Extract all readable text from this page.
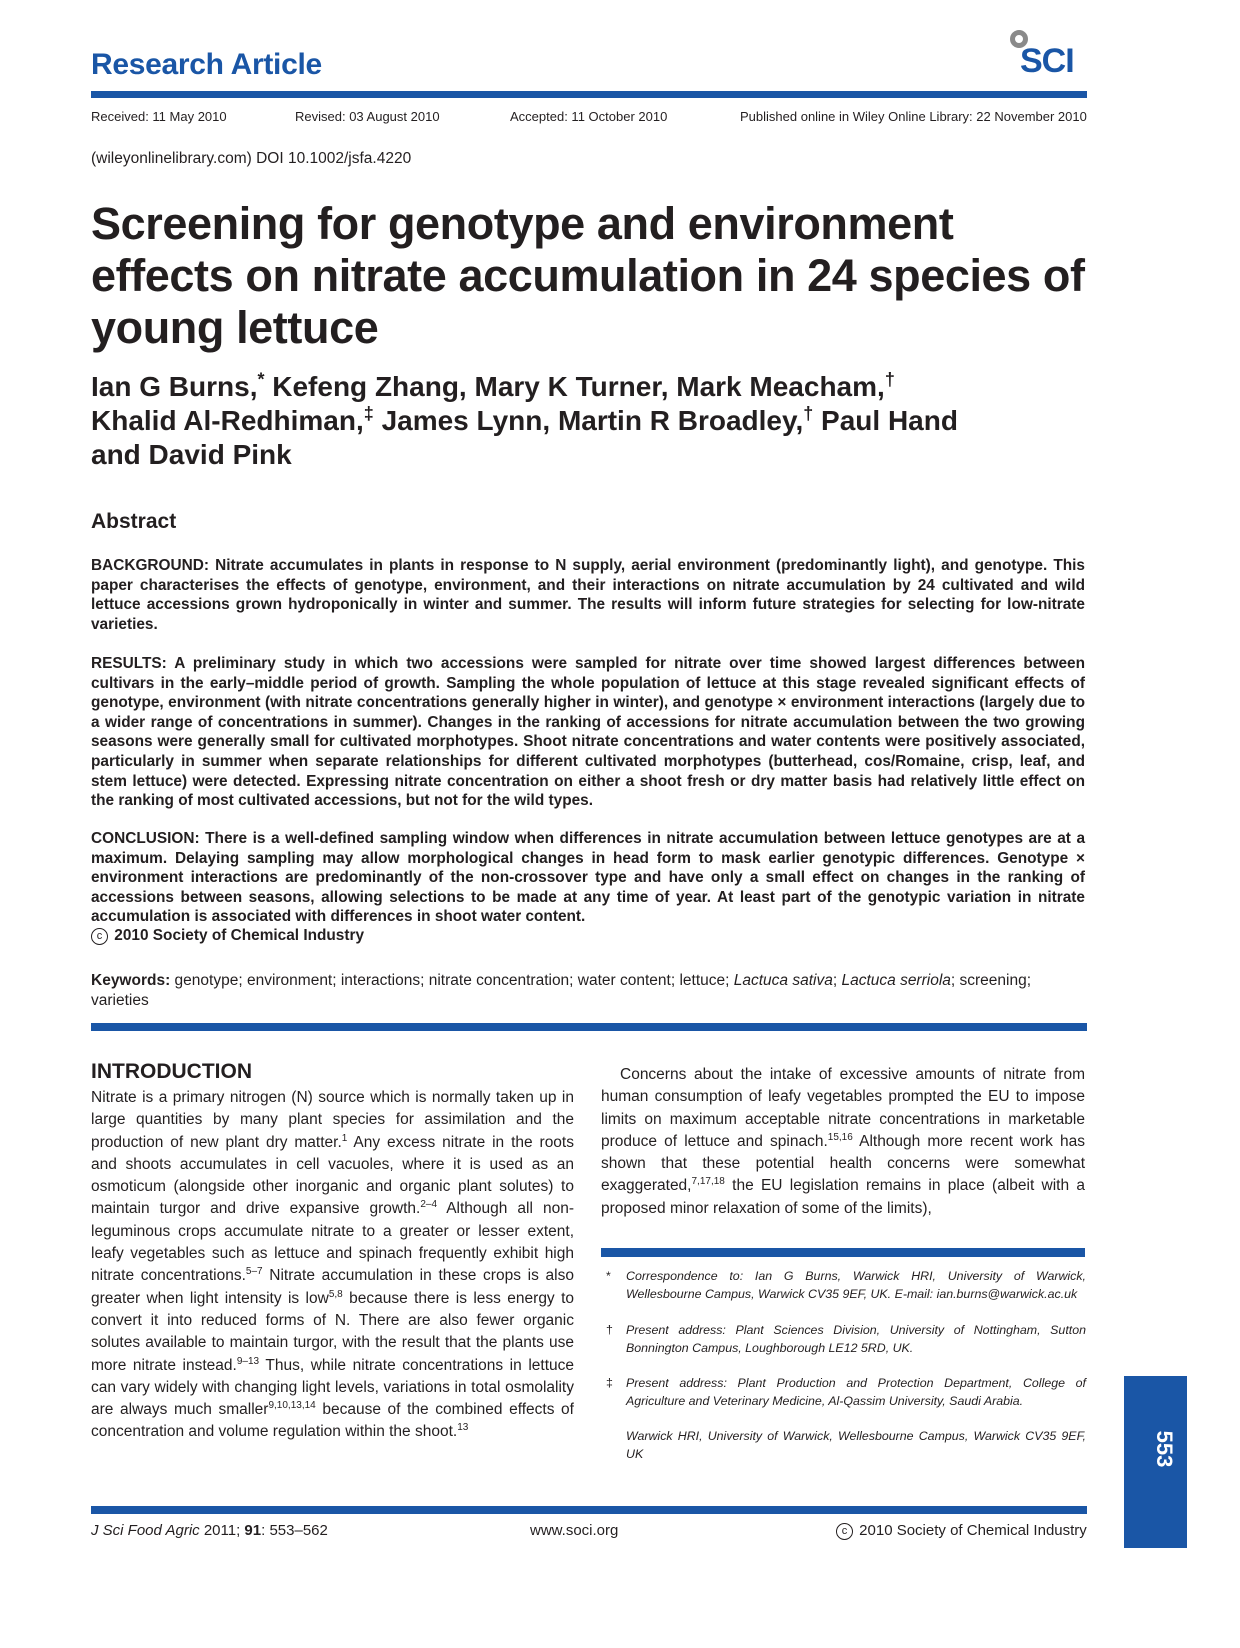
Research Article	SCI
Received: 11 May 2010	Revised: 03 August 2010	Accepted: 11 October 2010	Published online in Wiley Online Library: 22 November 2010
(wileyonlinelibrary.com) DOI 10.1002/jsfa.4220
Screening for genotype and environment effects on nitrate accumulation in 24 species of young lettuce
Ian G Burns,* Kefeng Zhang, Mary K Turner, Mark Meacham,†
Khalid Al-Redhiman,‡ James Lynn, Martin R Broadley,† Paul Hand
and David Pink
Abstract
BACKGROUND: Nitrate accumulates in plants in response to N supply, aerial environment (predominantly light), and genotype. This paper characterises the effects of genotype, environment, and their interactions on nitrate accumulation by 24 cultivated and wild lettuce accessions grown hydroponically in winter and summer. The results will inform future strategies for selecting for low-nitrate varieties.
RESULTS: A preliminary study in which two accessions were sampled for nitrate over time showed largest differences between cultivars in the early–middle period of growth. Sampling the whole population of lettuce at this stage revealed significant effects of genotype, environment (with nitrate concentrations generally higher in winter), and genotype × environment interactions (largely due to a wider range of concentrations in summer). Changes in the ranking of accessions for nitrate accumulation between the two growing seasons were generally small for cultivated morphotypes. Shoot nitrate concentrations and water contents were positively associated, particularly in summer when separate relationships for different cultivated morphotypes (butterhead, cos/Romaine, crisp, leaf, and stem lettuce) were detected. Expressing nitrate concentration on either a shoot fresh or dry matter basis had relatively little effect on the ranking of most cultivated accessions, but not for the wild types.
CONCLUSION: There is a well-defined sampling window when differences in nitrate accumulation between lettuce genotypes are at a maximum. Delaying sampling may allow morphological changes in head form to mask earlier genotypic differences. Genotype × environment interactions are predominantly of the non-crossover type and have only a small effect on changes in the ranking of accessions between seasons, allowing selections to be made at any time of year. At least part of the genotypic variation in nitrate accumulation is associated with differences in shoot water content.
c 2010 Society of Chemical Industry
Keywords: genotype; environment; interactions; nitrate concentration; water content; lettuce; Lactuca sativa; Lactuca serriola; screening; varieties
INTRODUCTION
Nitrate is a primary nitrogen (N) source which is normally taken up in large quantities by many plant species for assimilation and the production of new plant dry matter.$^1$ Any excess nitrate in the roots and shoots accumulates in cell vacuoles, where it is used as an osmoticum (alongside other inorganic and organic plant solutes) to maintain turgor and drive expansive growth.$^{2-4}$ Although all non-leguminous crops accumulate nitrate to a greater or lesser extent, leafy vegetables such as lettuce and spinach frequently exhibit high nitrate concentrations.$^{5-7}$ Nitrate accumulation in these crops is also greater when light intensity is low$^{5,8}$ because there is less energy to convert it into reduced forms of N. There are also fewer organic solutes available to maintain turgor, with the result that the plants use more nitrate instead.$^{9-13}$ Thus, while nitrate concentrations in lettuce can vary widely with changing light levels, variations in total osmolality are always much smaller$^{9,10,13,14}$ because of the combined effects of concentration and volume regulation within the shoot.$^{13}$
Concerns about the intake of excessive amounts of nitrate from human consumption of leafy vegetables prompted the EU to impose limits on maximum acceptable nitrate concentrations in marketable produce of lettuce and spinach.$^{15,16}$ Although more recent work has shown that these potential health concerns were somewhat exaggerated,$^{7,17,18}$ the EU legislation remains in place (albeit with a proposed minor relaxation of some of the limits),
* Correspondence to: Ian G Burns, Warwick HRI, University of Warwick, Wellesbourne Campus, Warwick CV35 9EF, UK. E-mail: ian.burns@warwick.ac.uk
† Present address: Plant Sciences Division, University of Nottingham, Sutton Bonnington Campus, Loughborough LE12 5RD, UK.
‡ Present address: Plant Production and Protection Department, College of Agriculture and Veterinary Medicine, Al-Qassim University, Saudi Arabia.
Warwick HRI, University of Warwick, Wellesbourne Campus, Warwick CV35 9EF, UK	553
J Sci Food Agric 2011; 91: 553–562	www.soci.org	c 2010 Society of Chemical Industry
